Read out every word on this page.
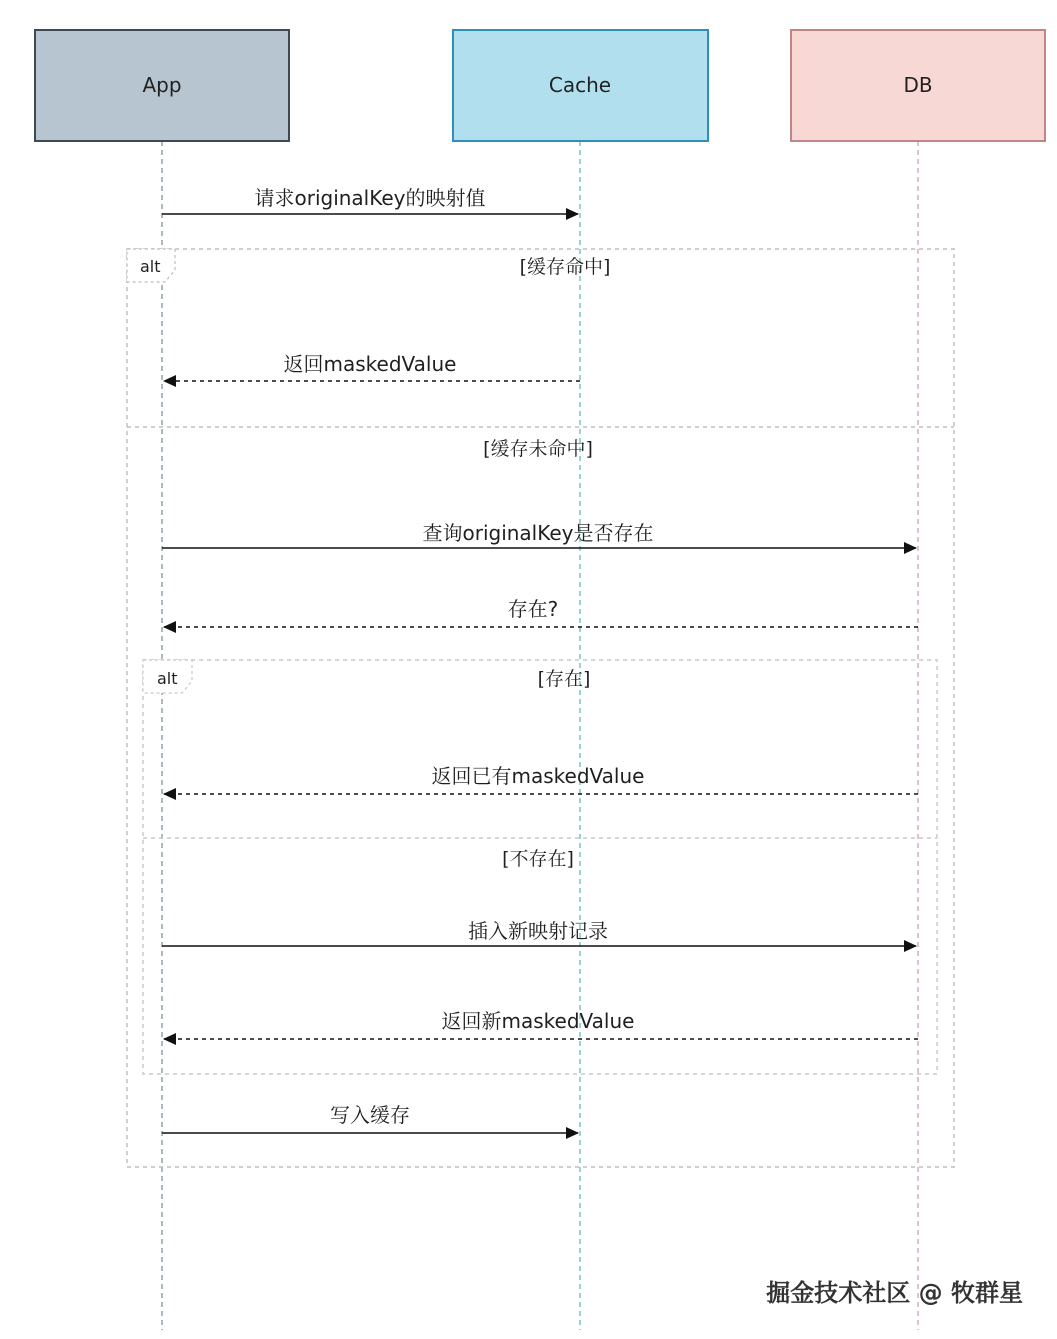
App	Cache	DB
请求originalKey的映射值
alt	[缓存命中]
[缓存未命中]
返回maskedValue
查询originalKey是否存在
存在?
alt	[存在]
[不存在]
返回已有maskedValue
插入新映射记录
返回新maskedValue
写入缓存
掘金技术社区 @ 牧群星
